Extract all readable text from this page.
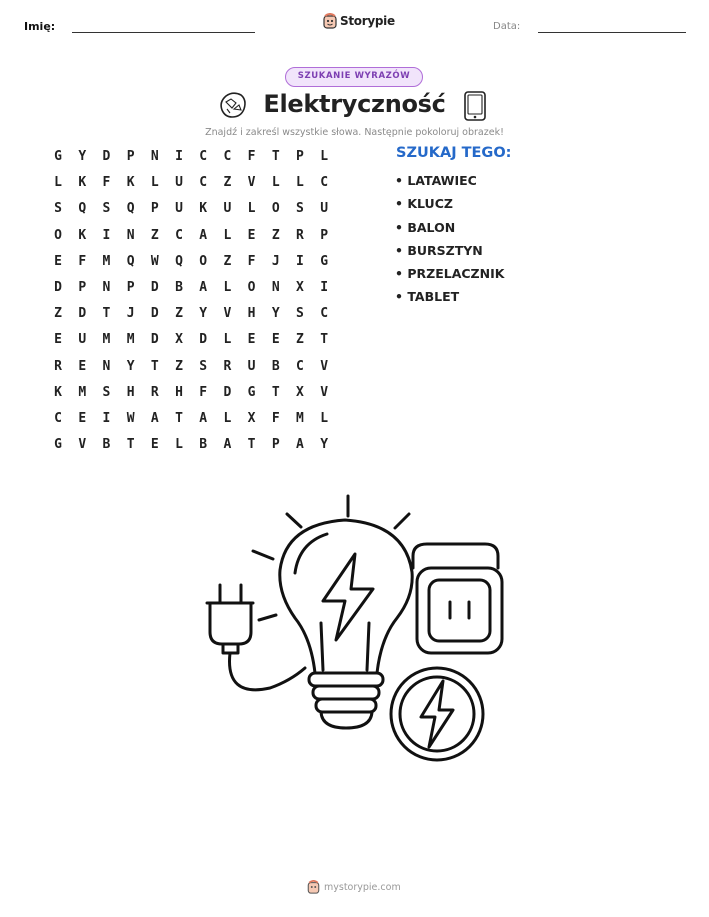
Imię:	Storypie	Data:
SZUKANIE WYRAZÓW
Elektryczność
Znajdź i zakreśl wszystkie słowa. Następnie pokoloruj obrazek!
G	Y	D	P	N	I	C	C	F	T	P	L
L	K	F	K	L	U	C	Z	V	L	L	C
S	Q	S	Q	P	U	K	U	L	O	S	U
O	K	I	N	Z	C	A	L	E	Z	R	P
E	F	M	Q	W	Q	O	Z	F	J	I	G
D	P	N	P	D	B	A	L	O	N	X	I
Z	D	T	J	D	Z	Y	V	H	Y	S	C
E	U	M	M	D	X	D	L	E	E	Z	T
R	E	N	Y	T	Z	S	R	U	B	C	V
K	M	S	H	R	H	F	D	G	T	X	V
C	E	I	W	A	T	A	L	X	F	M	L
G	V	B	T	E	L	B	A	T	P	A	Y
SZUKAJ TEGO:
• LATAWIEC
• KLUCZ
• BALON
• BURSZTYN
• PRZELACZNIK
• TABLET
mystorypie.com
